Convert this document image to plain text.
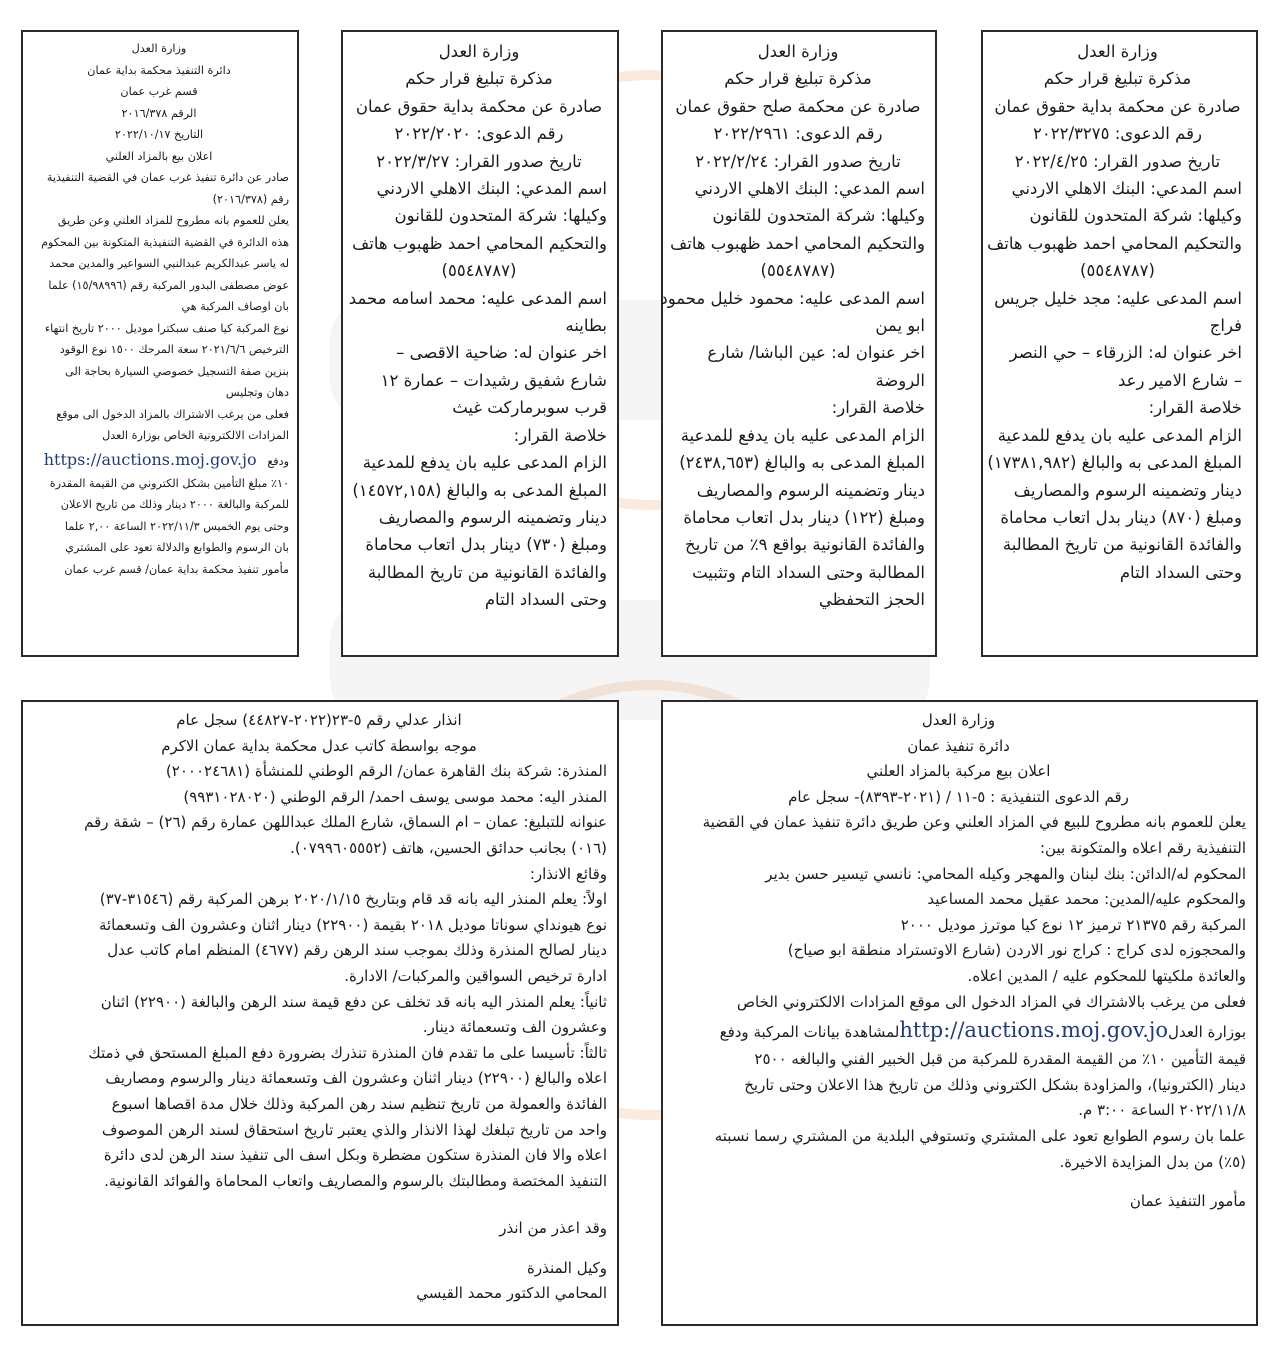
وزارة العدل
مذكرة تبليغ قرار حكم
صادرة عن محكمة بداية حقوق عمان
رقم الدعوى: ٢٠٢٢/٣٢٧٥
تاريخ صدور القرار: ٢٠٢٢/٤/٢٥
اسم المدعي: البنك الاهلي الاردني
وكيلها: شركة المتحدون للقانون
والتحكيم المحامي احمد ظهبوب هاتف
(٥٥٤٨٧٨٧)
اسم المدعى عليه: مجد خليل جريس
فراج
اخر عنوان له: الزرقاء – حي النصر
– شارع الامير رعد
خلاصة القرار:
الزام المدعى عليه بان يدفع للمدعية
المبلغ المدعى به والبالغ (١٧٣٨١,٩٨٢)
دينار وتضمينه الرسوم والمصاريف
ومبلغ (٨٧٠) دينار بدل اتعاب محاماة
والفائدة القانونية من تاريخ المطالبة
وحتى السداد التام
وزارة العدل
مذكرة تبليغ قرار حكم
صادرة عن محكمة صلح حقوق عمان
رقم الدعوى: ٢٠٢٢/٢٩٦١
تاريخ صدور القرار: ٢٠٢٢/٢/٢٤
اسم المدعي: البنك الاهلي الاردني
وكيلها: شركة المتحدون للقانون
والتحكيم المحامي احمد ظهبوب هاتف
(٥٥٤٨٧٨٧)
اسم المدعى عليه: محمود خليل محمود
ابو يمن
اخر عنوان له: عين الباشا/ شارع
الروضة
خلاصة القرار:
الزام المدعى عليه بان يدفع للمدعية
المبلغ المدعى به والبالغ (٢٤٣٨,٦٥٣)
دينار وتضمينه الرسوم والمصاريف
ومبلغ (١٢٢) دينار بدل اتعاب محاماة
والفائدة القانونية بواقع ٩٪ من تاريخ
المطالبة وحتى السداد التام وتثبيت
الحجز التحفظي
وزارة العدل
مذكرة تبليغ قرار حكم
صادرة عن محكمة بداية حقوق عمان
رقم الدعوى: ٢٠٢٢/٢٠٢٠
تاريخ صدور القرار: ٢٠٢٢/٣/٢٧
اسم المدعي: البنك الاهلي الاردني
وكيلها: شركة المتحدون للقانون
والتحكيم المحامي احمد ظهبوب هاتف
(٥٥٤٨٧٨٧)
اسم المدعى عليه: محمد اسامه محمد
بطاينه
اخر عنوان له: ضاحية الاقصى –
شارع شفيق رشيدات – عمارة ١٢
قرب سوبرماركت غيث
خلاصة القرار:
الزام المدعى عليه بان يدفع للمدعية
المبلغ المدعى به والبالغ (١٤٥٧٢,١٥٨)
دينار وتضمينه الرسوم والمصاريف
ومبلغ (٧٣٠) دينار بدل اتعاب محاماة
والفائدة القانونية من تاريخ المطالبة
وحتى السداد التام
وزارة العدل
دائرة التنفيذ محكمة بداية عمان
قسم غرب عمان
الرقم ٢٠١٦/٣٧٨
التاريخ ٢٠٢٢/١٠/١٧
اعلان بيع بالمزاد العلني
صادر عن دائرة تنفيذ غرب عمان في القضية التنفيذية
رقم (٢٠١٦/٣٧٨)
يعلن للعموم بانه مطروح للمزاد العلني وعن طريق
هذه الدائرة في القضية التنفيذية المتكونة بين المحكوم
له ياسر عبدالكريم عبدالنبي السواعير والمدين محمد
عوض مصطفى البدور المركبة رقم (١٥/٩٨٩٩٦) علما
بان اوصاف المركبة هي
نوع المركبة كيا صنف سبكترا موديل ٢٠٠٠ تاريخ انتهاء
الترخيص ٢٠٢١/٦/٦ سعة المرحك ١٥٠٠ نوع الوقود
بنزين صفة التسجيل خصوصي السيارة بحاجة الى
دهان وتجليس
فعلى من يرغب الاشتراك بالمزاد الدخول الى موقع
المزادات الالكترونية الخاص بوزارة العدل
ودفع   https://auctions.moj.gov.jo
١٠٪ مبلغ التأمين بشكل الكتروني من القيمة المقدرة
للمركبة والبالغة ٢٠٠٠ دينار وذلك من تاريخ الاعلان
وحتى يوم الخميس ٢٠٢٢/١١/٣ الساعة ٢,٠٠ علما
بان الرسوم والطوابع والدلالة تعود على المشتري
مأمور تنفيذ محكمة بداية عمان/ قسم غرب عمان
وزارة العدل
دائرة تنفيذ عمان
اعلان بيع مركبة بالمزاد العلني
رقم الدعوى التنفيذية : ٥-١١ / (٢٠٢١-٨٣٩٣)- سجل عام
يعلن للعموم بانه مطروح للبيع في المزاد العلني وعن طريق دائرة تنفيذ عمان في القضية
التنفيذية رقم اعلاه والمتكونة بين:
المحكوم له/الدائن: بنك لبنان والمهجر وكيله المحامي: نانسي تيسير حسن بدير
والمحكوم عليه/المدين: محمد عقيل محمد المساعيد
المركبة رقم ٢١٣٧٥ ترميز ١٢ نوع كيا موترز موديل ٢٠٠٠
والمحجوزه لدى كراج : كراج نور الاردن (شارع الاوتستراد منطقة ابو صياح)
والعائدة ملكيتها للمحكوم عليه / المدين اعلاه.
فعلى من يرغب بالاشتراك في المزاد الدخول الى موقع المزادات الالكتروني الخاص
بوزارة العدلhttp://auctions.moj.gov.joلمشاهدة بيانات المركبة ودفع
قيمة التأمين ١٠٪ من القيمة المقدرة للمركبة من قبل الخبير الفني والبالغه ٢٥٠٠
دينار (الكترونيا)، والمزاودة بشكل الكتروني وذلك من تاريخ هذا الاعلان وحتى تاريخ
٢٠٢٢/١١/٨ الساعة ٣:٠٠ م.
علما بان رسوم الطوابع تعود على المشتري وتستوفي البلدية من المشتري رسما نسبته
(٥٪) من بدل المزايدة الاخيرة.
مأمور التنفيذ عمان
انذار عدلي رقم ٥-٢٣(٢٠٢٢-٤٤٨٢٧) سجل عام
موجه بواسطة كاتب عدل محكمة بداية عمان الاكرم
المنذرة: شركة بنك القاهرة عمان/ الرقم الوطني للمنشأة (٢٠٠٠٢٤٦٨١)
المنذر اليه: محمد موسى يوسف احمد/ الرقم الوطني (٩٩٣١٠٢٨٠٢٠)
عنوانه للتبليغ: عمان – ام السماق، شارع الملك عبداللهن عمارة رقم (٢٦) – شقة رقم
(٠١٦) بجانب حدائق الحسين، هاتف (٠٧٩٩٦٠٥٥٥٢).
وقائع الانذار:
اولاً: يعلم المنذر اليه بانه قد قام وبتاريخ ٢٠٢٠/١/١٥ برهن المركبة رقم (٣١٥٤٦-٣٧)
نوع هيونداي سوناتا موديل ٢٠١٨ بقيمة (٢٢٩٠٠) دينار اثنان وعشرون الف وتسعمائة
دينار لصالح المنذرة وذلك بموجب سند الرهن رقم (٤٦٧٧) المنظم امام كاتب عدل
ادارة ترخيص السواقين والمركبات/ الادارة.
ثانياً: يعلم المنذر اليه بانه قد تخلف عن دفع قيمة سند الرهن والبالغة (٢٢٩٠٠) اثنان
وعشرون الف وتسعمائة دينار.
ثالثاً: تأسيسا على ما تقدم فان المنذرة تنذرك بضرورة دفع المبلغ المستحق في ذمتك
اعلاه والبالغ (٢٢٩٠٠) دينار اثنان وعشرون الف وتسعمائة دينار والرسوم ومصاريف
الفائدة والعمولة من تاريخ تنظيم سند رهن المركبة وذلك خلال مدة اقصاها اسبوع
واحد من تاريخ تبلغك لهذا الانذار والذي يعتبر تاريخ استحقاق لسند الرهن الموصوف
اعلاه والا فان المنذرة ستكون مضطرة وبكل اسف الى تنفيذ سند الرهن لدى دائرة
التنفيذ المختصة ومطالبتك بالرسوم والمصاريف واتعاب المحاماة والفوائد القانونية.
وقد اعذر من انذر
وكيل المنذرة
المحامي الدكتور محمد القيسي
